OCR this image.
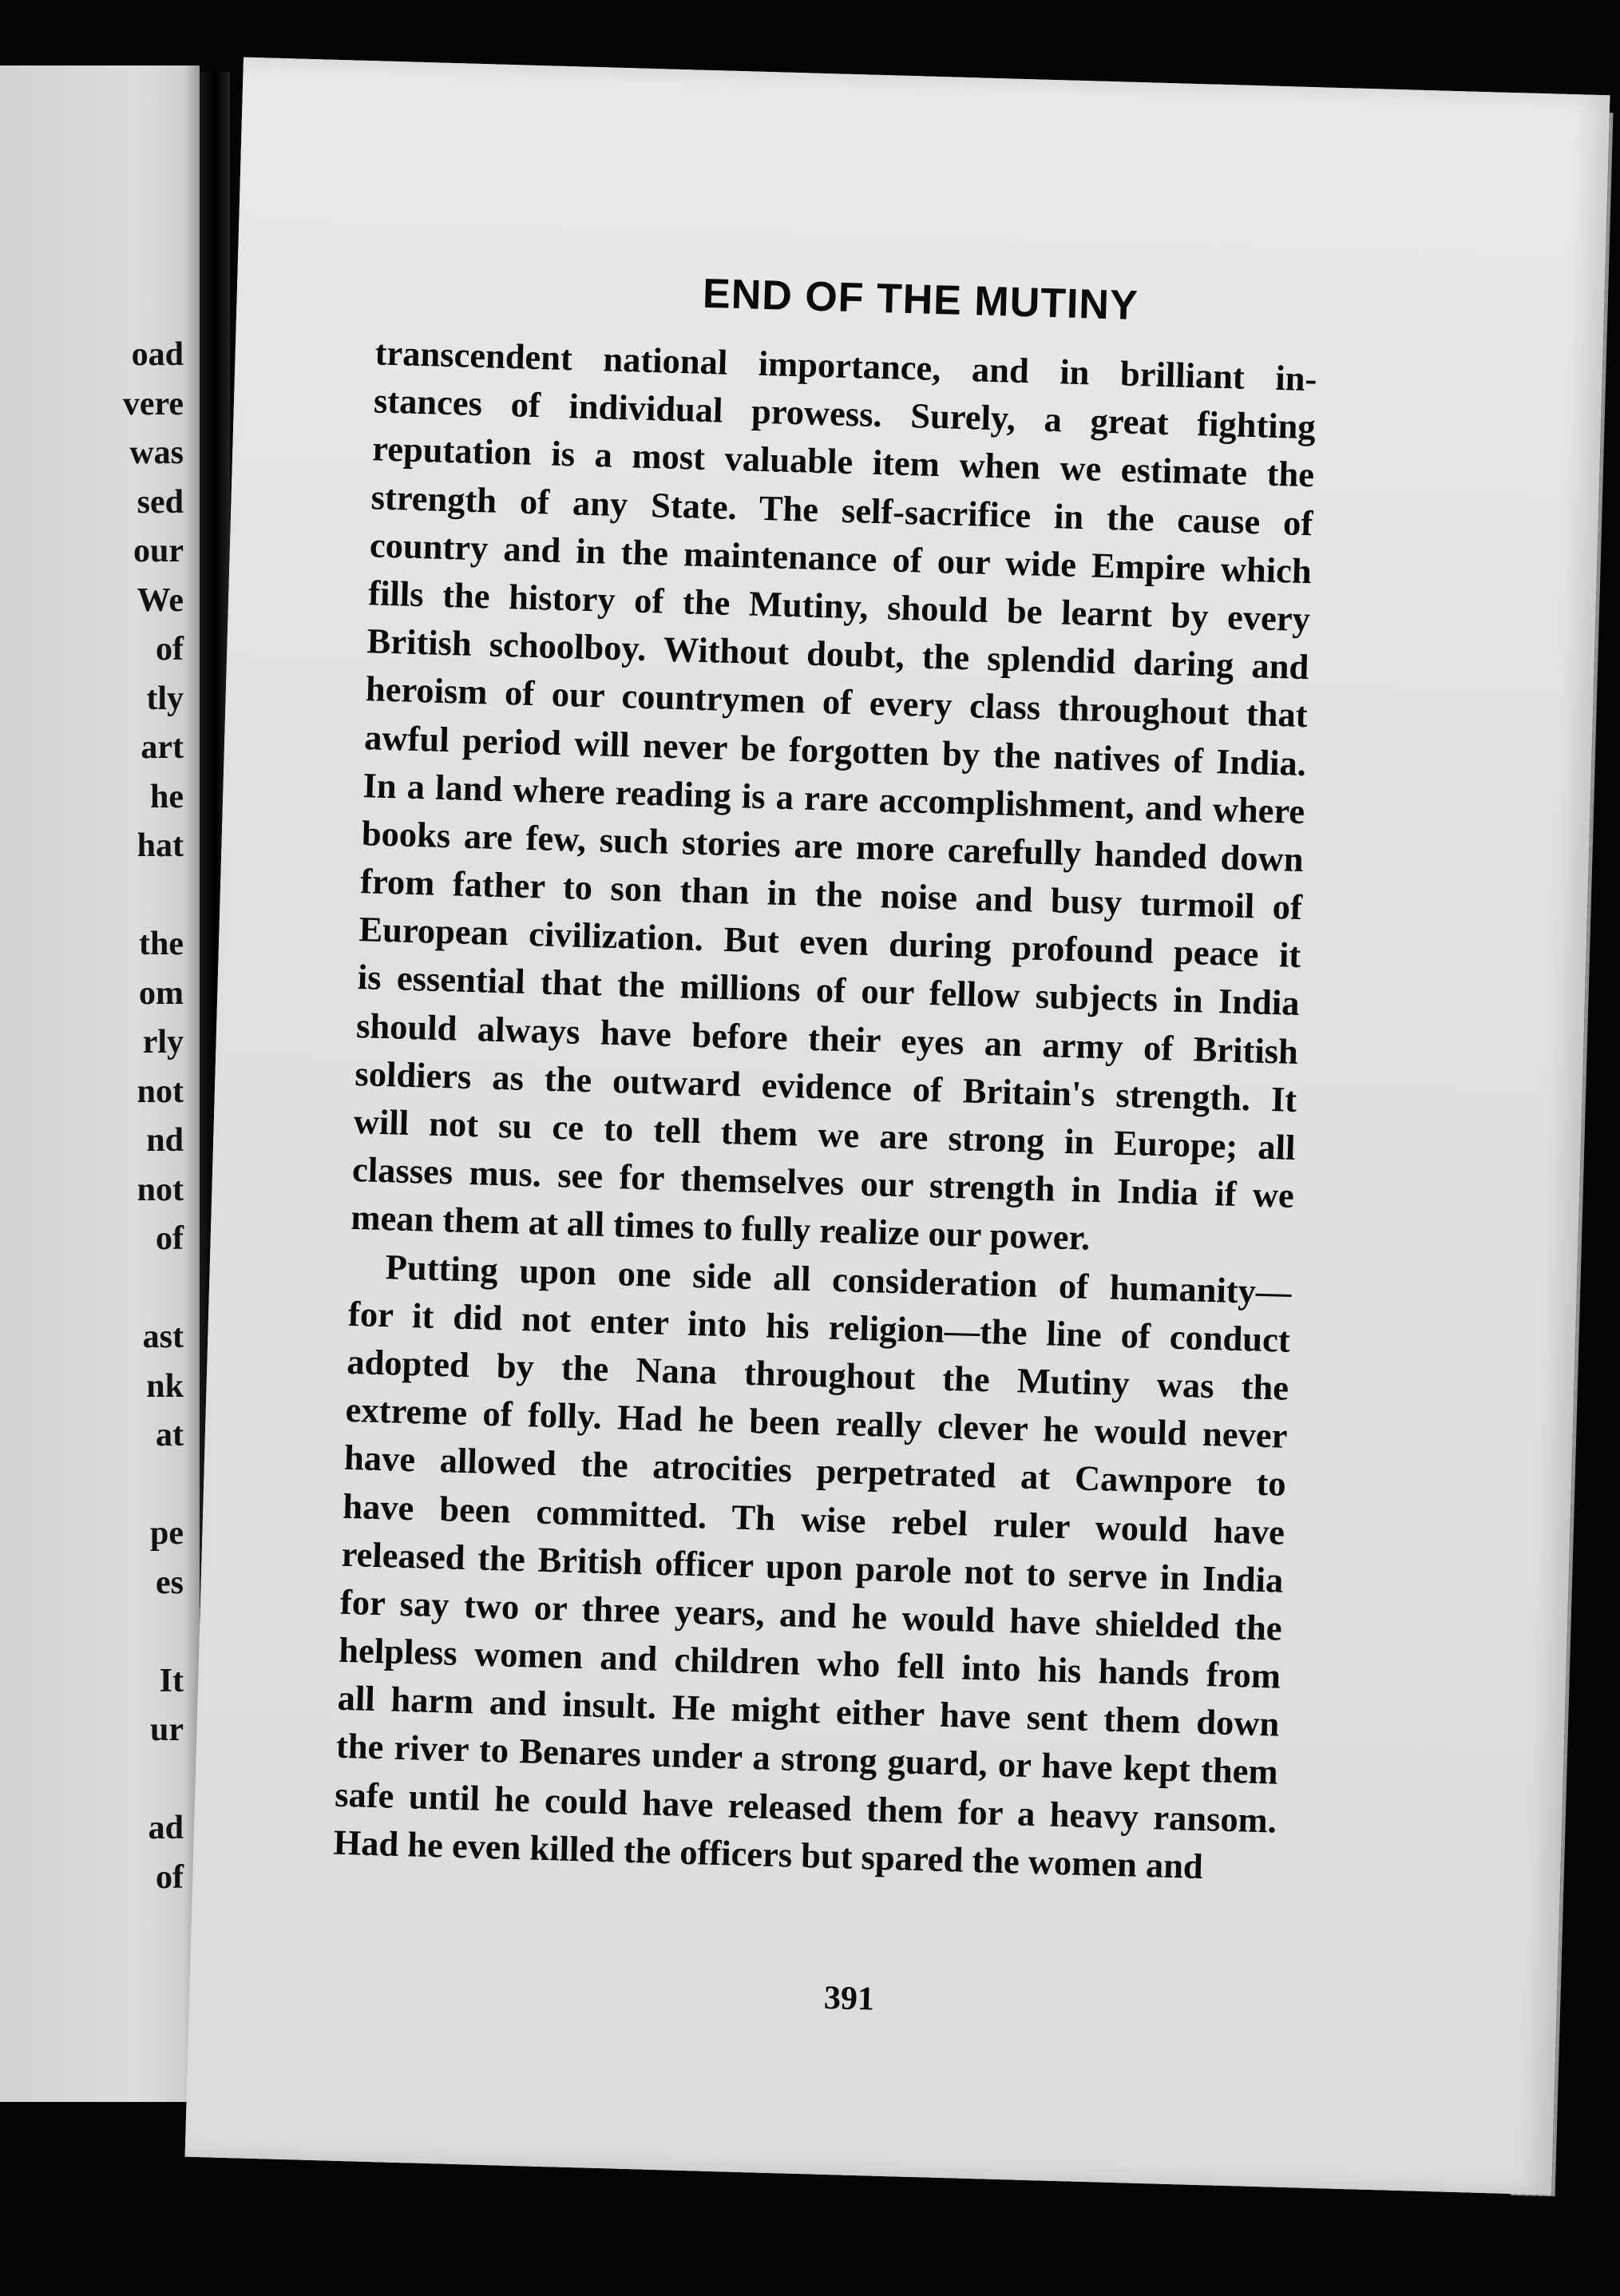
oad
vere
was
sed
our
We
of
tly
art
he
hat
the
om
rly
not
nd
not
of
ast
nk
at
pe
es
It
ur
ad
of
END OF THE MUTINY
transcendent national importance, and in brilliant in-
stances of individual prowess. Surely, a great fighting
reputation is a most valuable item when we estimate the
strength of any State. The self-sacrifice in the cause of
country and in the maintenance of our wide Empire which
fills the history of the Mutiny, should be learnt by every
British schoolboy. Without doubt, the splendid daring and
heroism of our countrymen of every class throughout that
awful period will never be forgotten by the natives of India.
In a land where reading is a rare accomplishment, and where
books are few, such stories are more carefully handed down
from father to son than in the noise and busy turmoil of
European civilization. But even during profound peace it
is essential that the millions of our fellow subjects in India
should always have before their eyes an army of British
soldiers as the outward evidence of Britain's strength. It
will not su ce to tell them we are strong in Europe; all
classes mus. see for themselves our strength in India if we
mean them at all times to fully realize our power.
Putting upon one side all consideration of humanity—
for it did not enter into his religion—the line of conduct
adopted by the Nana throughout the Mutiny was the
extreme of folly. Had he been really clever he would never
have allowed the atrocities perpetrated at Cawnpore to
have been committed. Th wise rebel ruler would have
released the British officer upon parole not to serve in India
for say two or three years, and he would have shielded the
helpless women and children who fell into his hands from
all harm and insult. He might either have sent them down
the river to Benares under a strong guard, or have kept them
safe until he could have released them for a heavy ransom.
Had he even killed the officers but spared the women and
391
